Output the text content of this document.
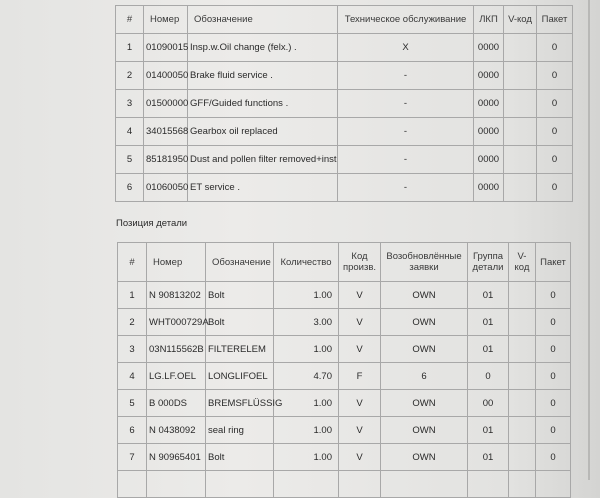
#	Номер	Обозначение	Техническое обслуживание	ЛКП	V-код	Пакет
1	01090015	Insp.w.Oil change (felx.) .	X	0000		0
2	01400050	Brake fluid service .	-	0000		0
3	01500000	GFF/Guided functions .	-	0000		0
4	34015568	Gearbox oil replaced	-	0000		0
5	85181950	Dust and pollen filter removed+inst	-	0000		0
6	01060050	ET service .	-	0000		0
Позиция детали
#	Номер	Обозначение	Количество	Код произв.	Возобновлённые заявки	Группа детали	V-код	Пакет
1	N 90813202	Bolt	1.00	V	OWN	01		0
2	WHT000729A	Bolt	3.00	V	OWN	01		0
3	03N115562B	FILTERELEM	1.00	V	OWN	01		0
4	LG.LF.OEL	LONGLIFOEL	4.70	F	6	0		0
5	B 000DS	BREMSFLÜSSIG	1.00	V	OWN	00		0
6	N 0438092	seal ring	1.00	V	OWN	01		0
7	N 90965401	Bolt	1.00	V	OWN	01		0
